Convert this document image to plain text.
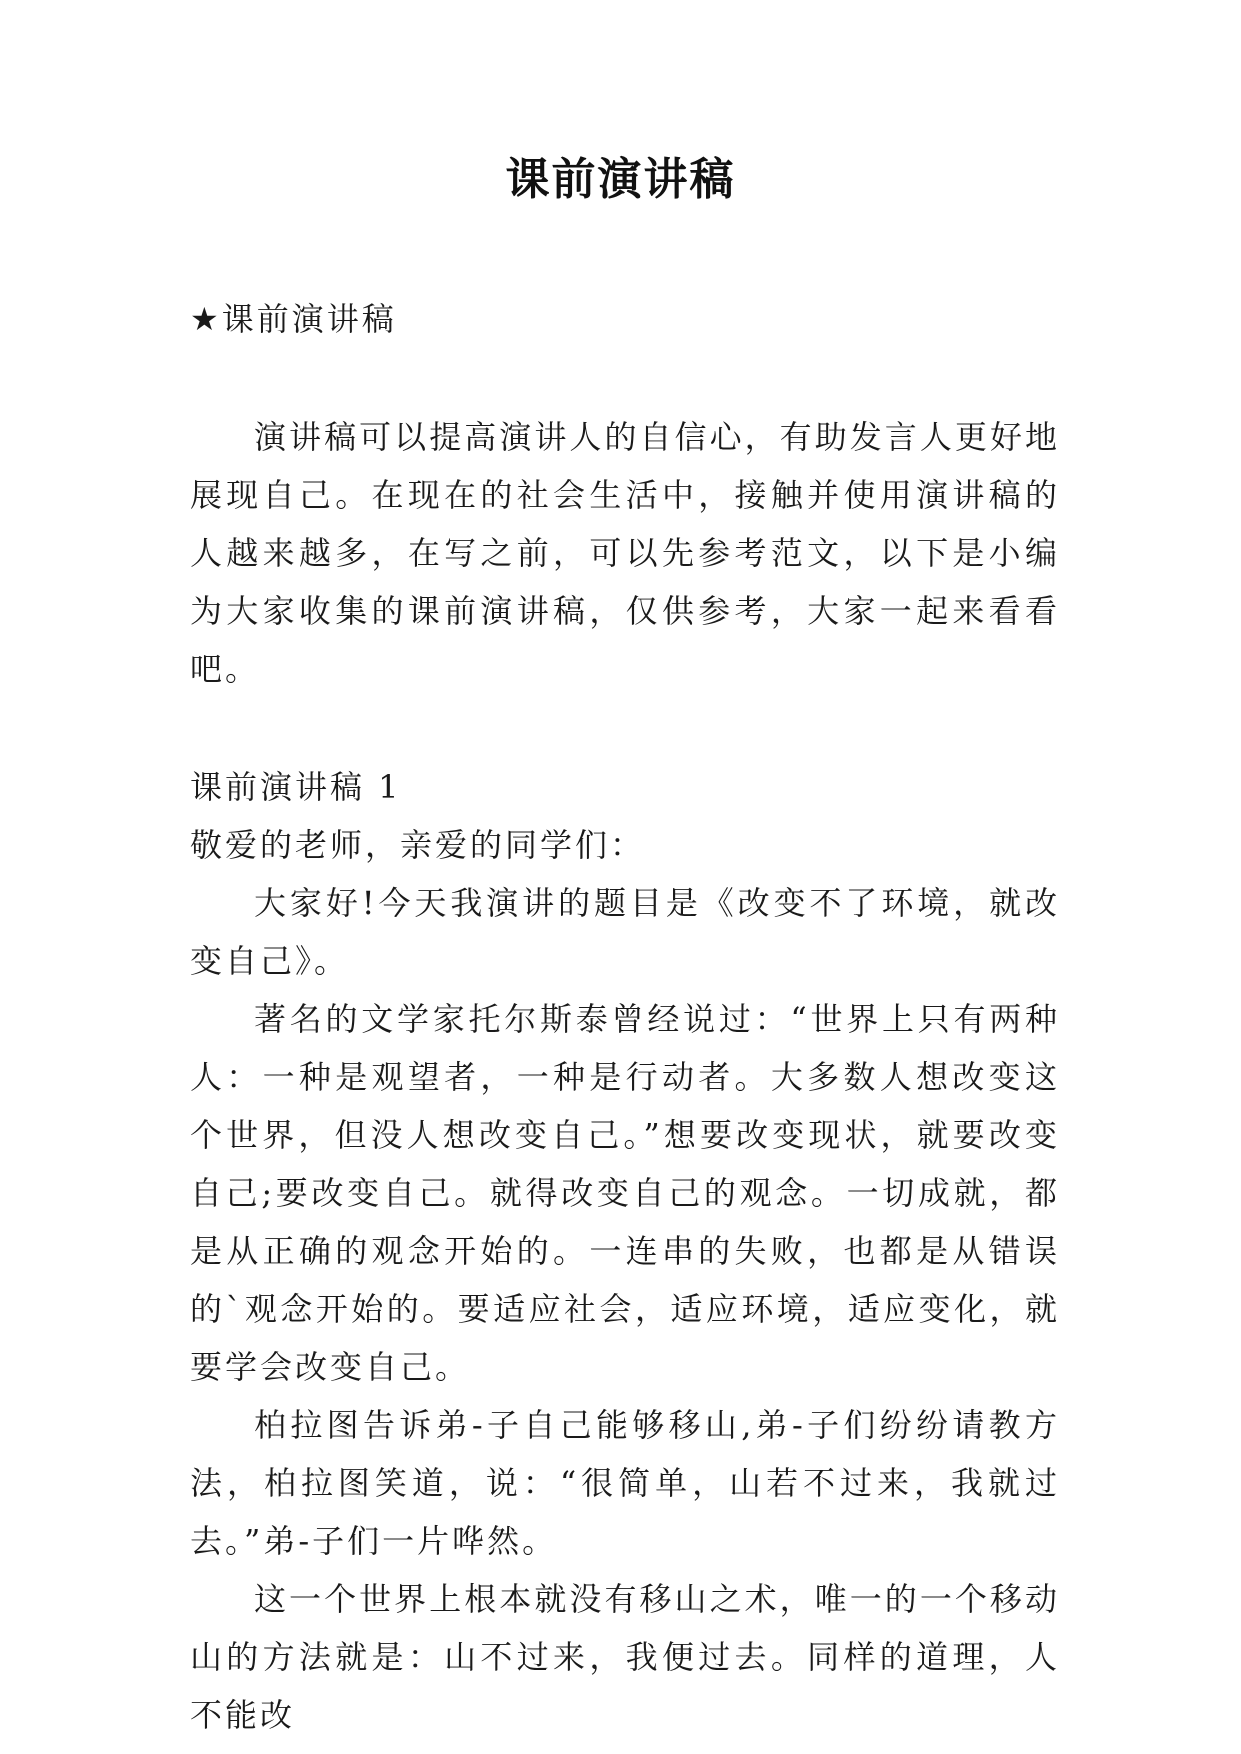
课前演讲稿

★课前演讲稿

演讲稿可以提高演讲人的自信心，有助发言人更好地展现自己。在现在的社会生活中，接触并使用演讲稿的人越来越多，在写之前，可以先参考范文，以下是小编为大家收集的课前演讲稿，仅供参考，大家一起来看看吧。

课前演讲稿 1

敬爱的老师，亲爱的同学们：

大家好!今天我演讲的题目是《改变不了环境，就改变自己》。

著名的文学家托尔斯泰曾经说过：“世界上只有两种人：一种是观望者，一种是行动者。大多数人想改变这个世界，但没人想改变自己。”想要改变现状，就要改变自己;要改变自己。就得改变自己的观念。一切成就，都是从正确的观念开始的。一连串的失败，也都是从错误的`观念开始的。要适应社会，适应环境，适应变化，就要学会改变自己。

柏拉图告诉弟-子自己能够移山,弟-子们纷纷请教方法，柏拉图笑道，说：“很简单，山若不过来，我就过去。”弟-子们一片哗然。

这一个世界上根本就没有移山之术，唯一的一个移动山的方法就是：山不过来，我便过去。同样的道理，人不能改
